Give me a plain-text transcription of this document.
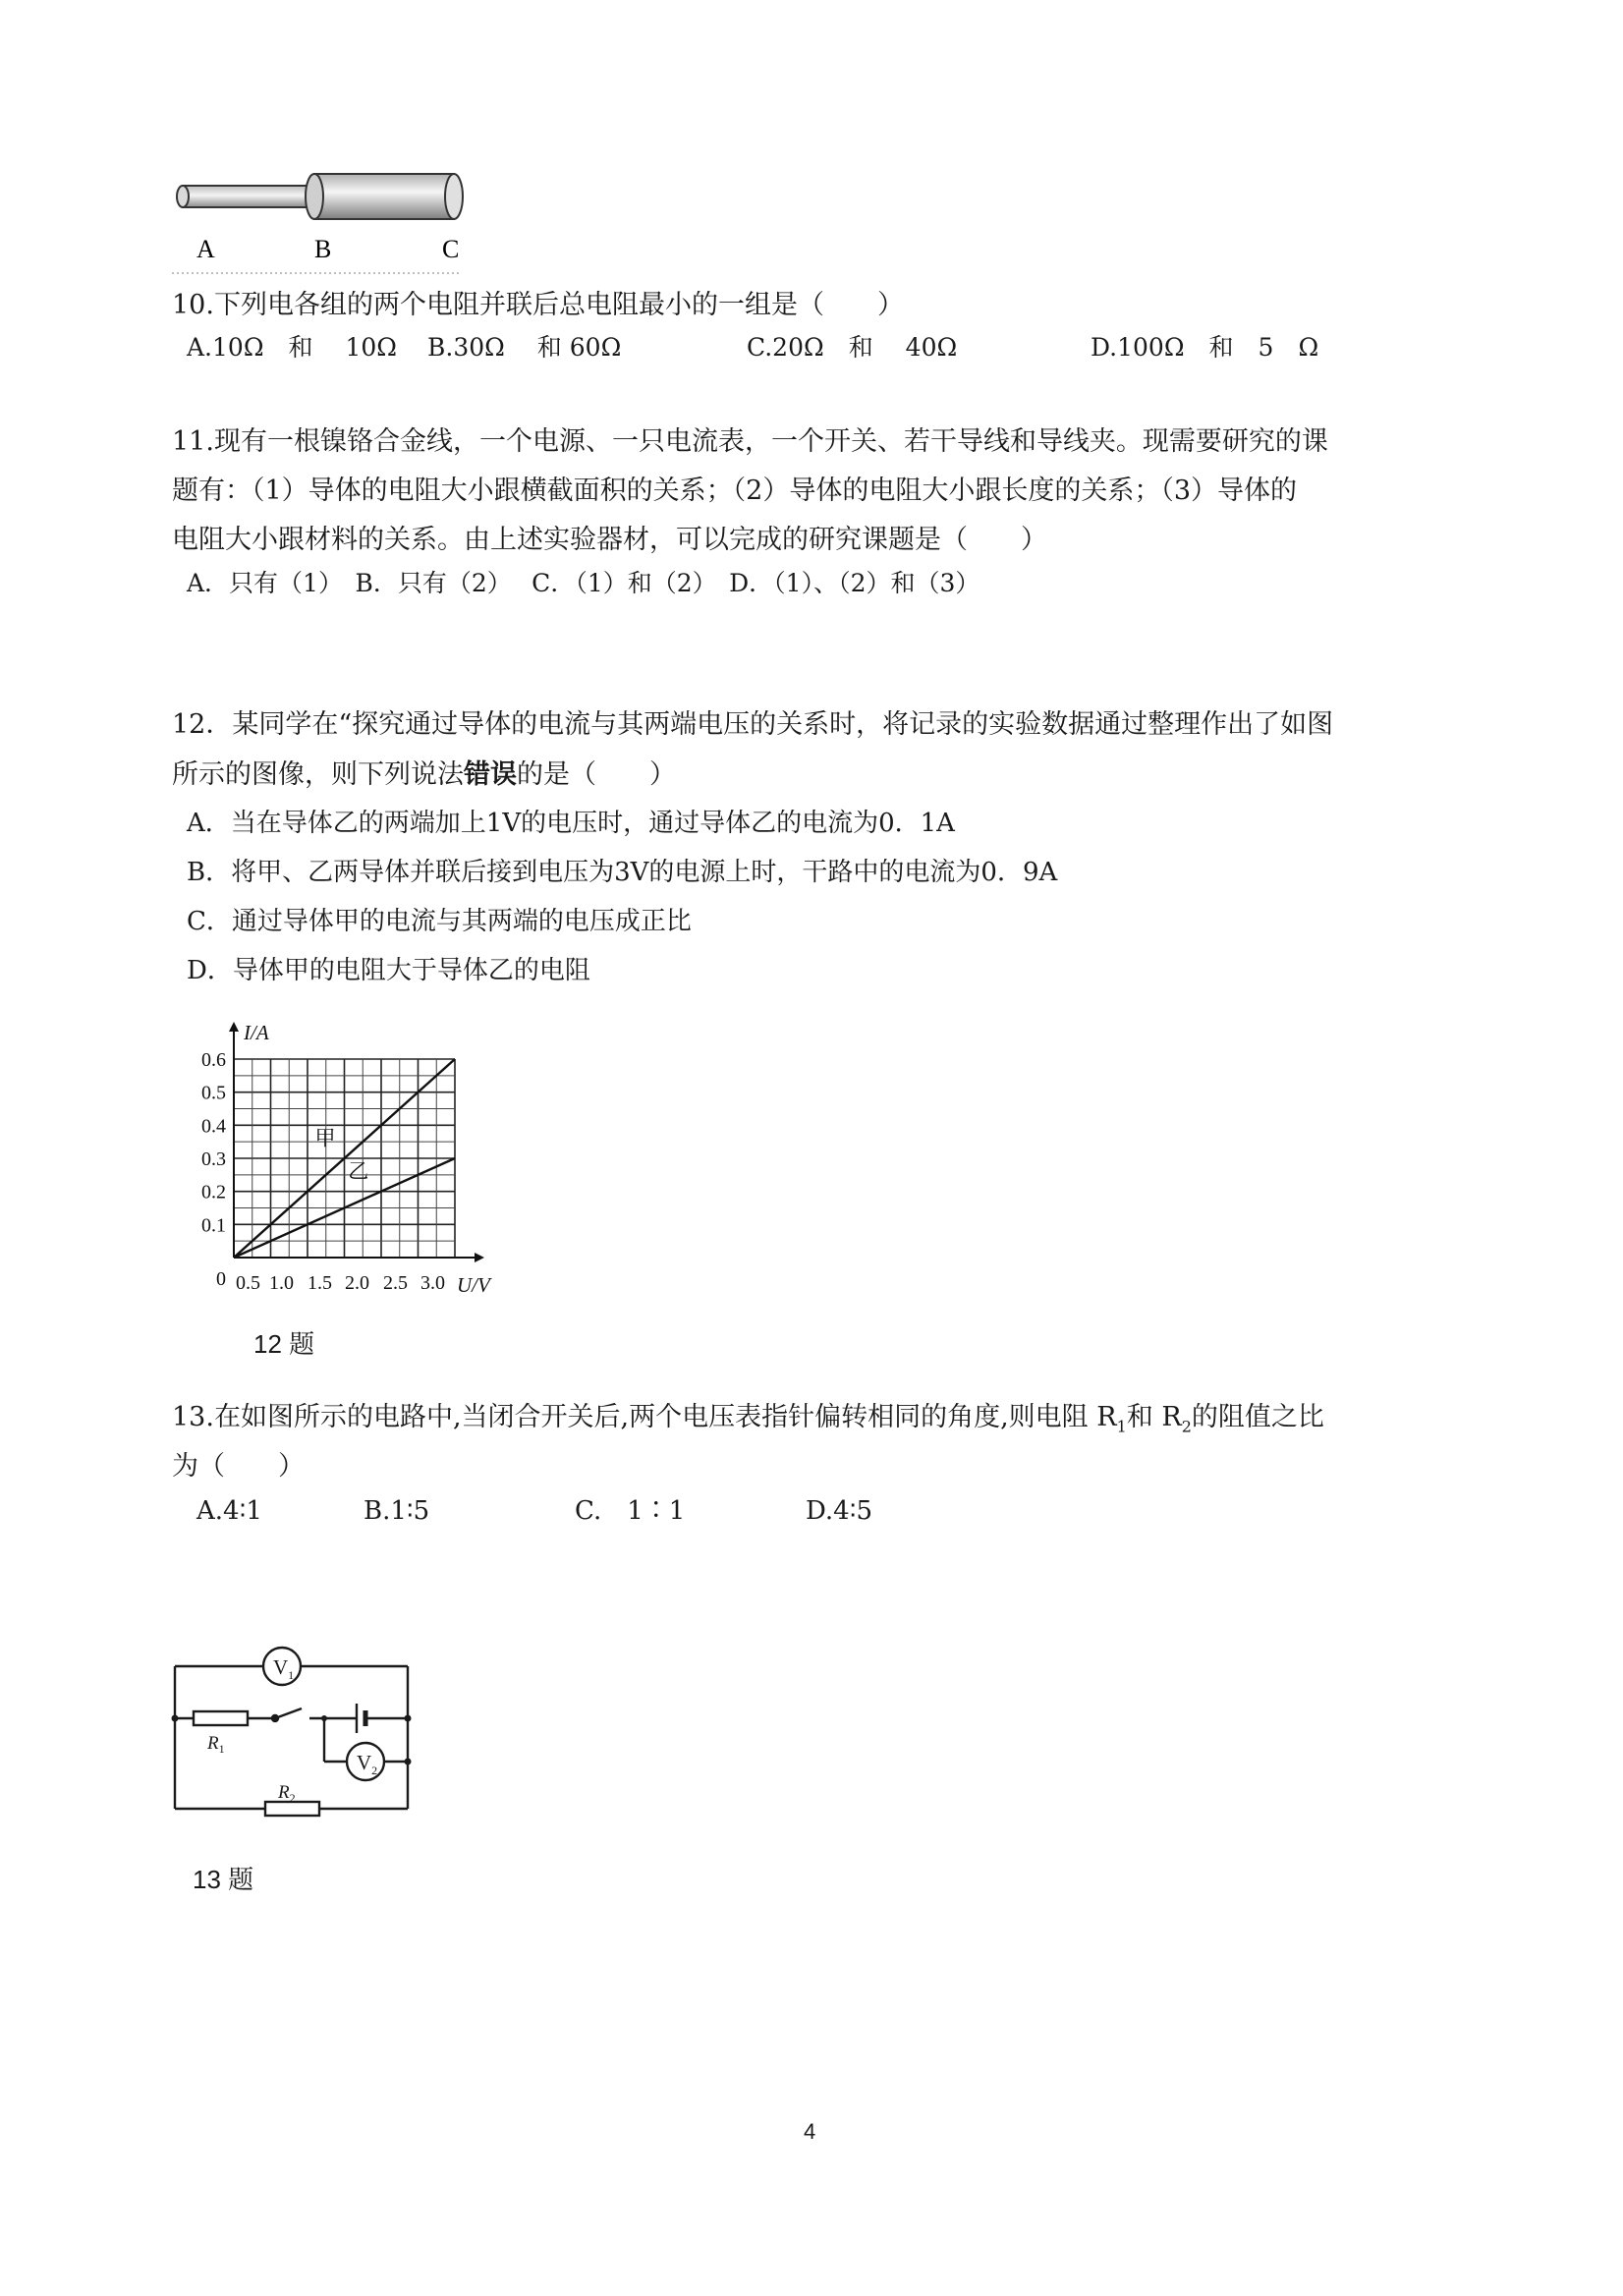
A	B	C
10.下列电各组的两个电阻并联后总电阻最小的一组是（　　）
A.10Ω　和　 10Ω B.30Ω　 和 60Ω	C.20Ω　和　 40Ω	D.100Ω　和　5　Ω
11.现有一根镍铬合金线，一个电源、一只电流表，一个开关、若干导线和导线夹。现需要研究的课
题有：（1）导体的电阻大小跟横截面积的关系；（2）导体的电阻大小跟长度的关系；（3）导体的
电阻大小跟材料的关系。由上述实验器材，可以完成的研究课题是（　　）
A．只有（1）　B．只有（2）　 C．（1）和（2）　D．（1）、（2）和（3）
12．某同学在“探究通过导体的电流与其两端电压的关系时，将记录的实验数据通过整理作出了如图
所示的图像，则下列说法错误的是（　　）
A．当在导体乙的两端加上1V的电压时，通过导体乙的电流为0．1A
B．将甲、乙两导体并联后接到电压为3V的电源上时，干路中的电流为0．9A
C．通过导体甲的电流与其两端的电压成正比
D．导体甲的电阻大于导体乙的电阻
甲
乙
0.1
0.2
0.3
0.4
0.5
0.6
0.5 1.0 1.5 2.0 2.5 3.0
0	U/V
I/A
12 题
13.在如图所示的电路中,当闭合开关后,两个电压表指针偏转相同的角度,则电阻 $R_1$和 $R_2$的阻值之比
为（　　）
A.4∶1	B.1∶5	C.　1∶1	D.4∶5
$V_1$
$V_2$
$R_1$
$R_2$
13 题
4
